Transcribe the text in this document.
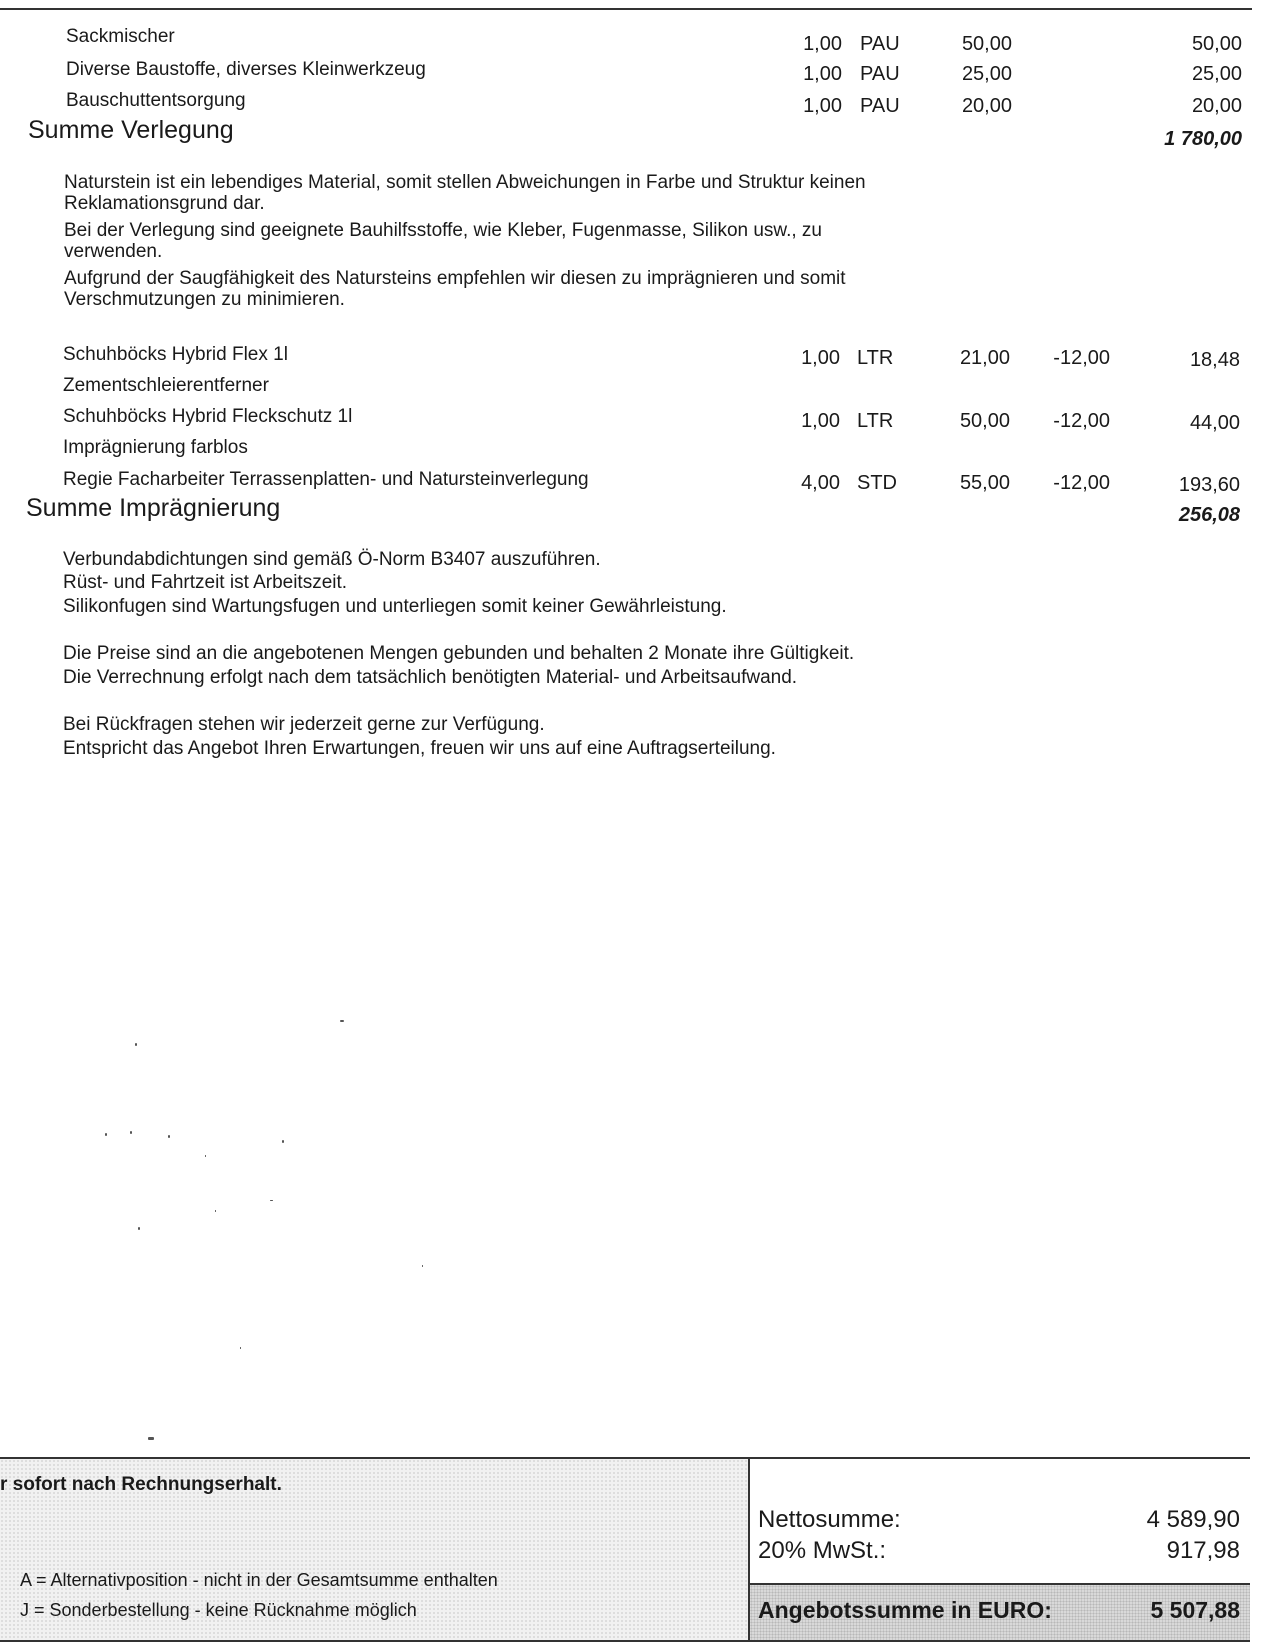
Sackmischer	1,00 PAU	50,00	50,00
Diverse Baustoffe, diverses Kleinwerkzeug	1,00 PAU	25,00	25,00
Bauschuttentsorgung	1,00 PAU	20,00	20,00
Summe Verlegung	1 780,00
Naturstein ist ein lebendiges Material, somit stellen Abweichungen in Farbe und Struktur keinen Reklamationsgrund dar.
Bei der Verlegung sind geeignete Bauhilfsstoffe, wie Kleber, Fugenmasse, Silikon usw., zu verwenden.
Aufgrund der Saugfähigkeit des Natursteins empfehlen wir diesen zu imprägnieren und somit Verschmutzungen zu minimieren.
Schuhböcks Hybrid Flex 1l
Zementschleierentferner
1,00 LTR	21,00	-12,00	18,48
Schuhböcks Hybrid Fleckschutz 1l
Imprägnierung farblos
1,00 LTR	50,00	-12,00	44,00
Regie Facharbeiter Terrassenplatten- und Natursteinverlegung	4,00 STD	55,00	-12,00	193,60
Summe Imprägnierung	256,08
Verbundabdichtungen sind gemäß Ö-Norm B3407 auszuführen.
Rüst- und Fahrtzeit ist Arbeitszeit.
Silikonfugen sind Wartungsfugen und unterliegen somit keiner Gewährleistung.
Die Preise sind an die angebotenen Mengen gebunden und behalten 2 Monate ihre Gültigkeit.
Die Verrechnung erfolgt nach dem tatsächlich benötigten Material- und Arbeitsaufwand.
Bei Rückfragen stehen wir jederzeit gerne zur Verfügung.
Entspricht das Angebot Ihren Erwartungen, freuen wir uns auf eine Auftragserteilung.
r sofort nach Rechnungserhalt.
A = Alternativposition - nicht in der Gesamtsumme enthalten
J = Sonderbestellung - keine Rücknahme möglich
Nettosumme:	4 589,90
20% MwSt.:	917,98
Angebotssumme in EURO:	5 507,88
